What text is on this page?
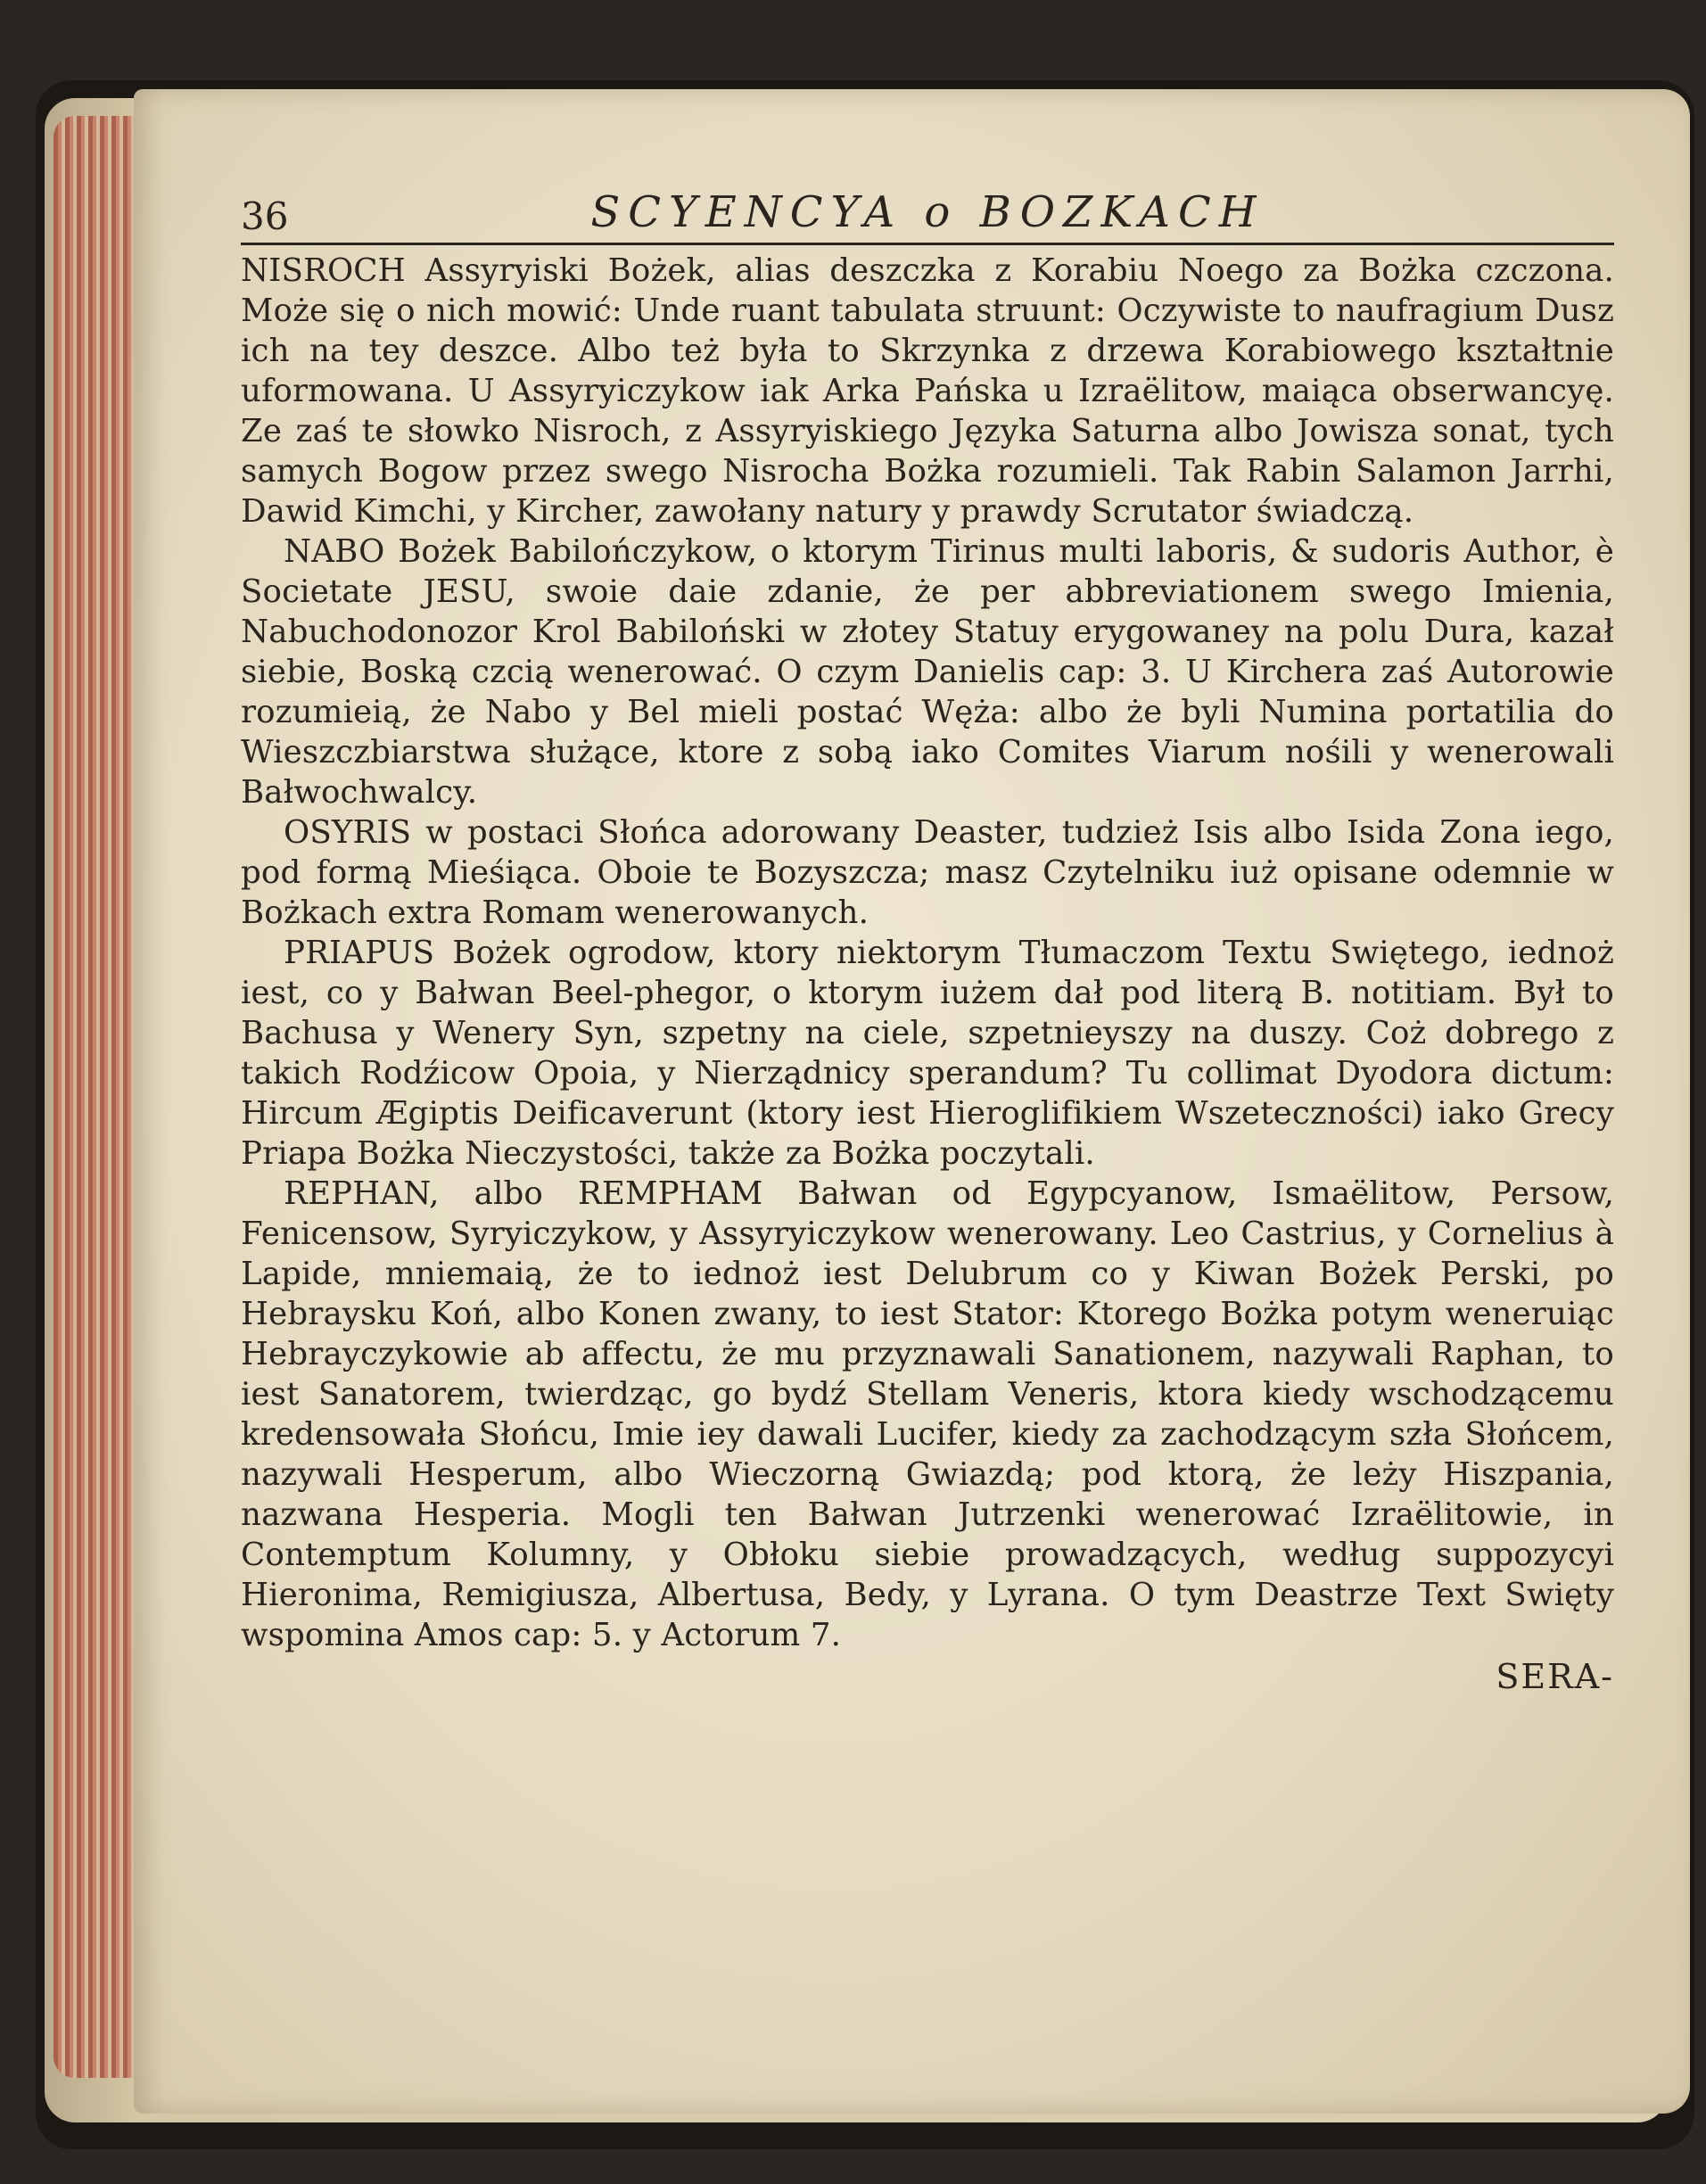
36	SCYENCYA o BOZKACH

NISROCH Assyryiski Bożek, alias deszczka z Korabiu Noego za Bożka czczona. Może się o nich mowić: Unde ruant tabulata struunt: Oczywiste to naufragium Dusz ich na tey deszce. Albo też była to Skrzynka z drzewa Korabiowego kształtnie uformowana. U Assyryiczykow iak Arka Pańska u Izraëlitow, maiąca obserwancyę. Ze zaś te słowko Nisroch, z Assyryiskiego Języka Saturna albo Jowisza sonat, tych samych Bogow przez swego Nisrocha Bożka rozumieli. Tak Rabin Salamon Jarrhi, Dawid Kimchi, y Kircher, zawołany natury y prawdy Scrutator świadczą.

NABO Bożek Babilończykow, o ktorym Tirinus multi laboris, & sudoris Author, è Societate JESU, swoie daie zdanie, że per abbreviationem swego Imienia, Nabuchodonozor Krol Babiloński w złotey Statuy erygowaney na polu Dura, kazał siebie, Boską czcią wenerować. O czym Danielis cap: 3. U Kirchera zaś Autorowie rozumieią, że Nabo y Bel mieli postać Węża: albo że byli Numina portatilia do Wieszczbiarstwa służące, ktore z sobą iako Comites Viarum nośili y wenerowali Bałwochwalcy.

OSYRIS w postaci Słońca adorowany Deaster, tudzież Isis albo Isida Zona iego, pod formą Mieśiąca. Oboie te Bozyszcza; masz Czytelniku iuż opisane odemnie w Bożkach extra Romam wenerowanych.

PRIAPUS Bożek ogrodow, ktory niektorym Tłumaczom Textu Swiętego, iednoż iest, co y Bałwan Beel-phegor, o ktorym iużem dał pod literą B. notitiam. Był to Bachusa y Wenery Syn, szpetny na ciele, szpetnieyszy na duszy. Coż dobrego z takich Rodźicow Opoia, y Nierządnicy sperandum? Tu collimat Dyodora dictum: Hircum Ægiptis Deificaverunt (ktory iest Hieroglifikiem Wszeteczności) iako Grecy Priapa Bożka Nieczystości, także za Bożka poczytali.

REPHAN, albo REMPHAM Bałwan od Egypcyanow, Ismaëlitow, Persow, Fenicensow, Syryiczykow, y Assyryiczykow wenerowany. Leo Castrius, y Cornelius à Lapide, mniemaią, że to iednoż iest Delubrum co y Kiwan Bożek Perski, po Hebraysku Koń, albo Konen zwany, to iest Stator: Ktorego Bożka potym weneruiąc Hebrayczykowie ab affectu, że mu przyznawali Sanationem, nazywali Raphan, to iest Sanatorem, twierdząc, go bydź Stellam Veneris, ktora kiedy wschodzącemu kredensowała Słońcu, Imie iey dawali Lucifer, kiedy za zachodzącym szła Słońcem, nazywali Hesperum, albo Wieczorną Gwiazdą; pod ktorą, że leży Hiszpania, nazwana Hesperia. Mogli ten Bałwan Jutrzenki wenerować Izraëlitowie, in Contemptum Kolumny, y Obłoku siebie prowadzących, według suppozycyi Hieronima, Remigiusza, Albertusa, Bedy, y Lyrana. O tym Deastrze Text Swięty wspomina Amos cap: 5. y Actorum 7.

SERA-
